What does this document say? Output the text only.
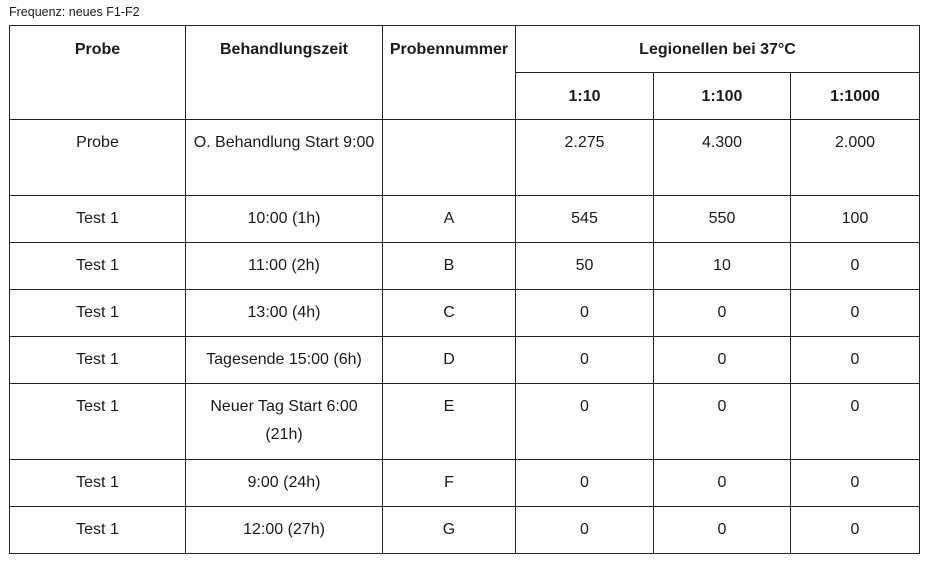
Frequenz: neues F1-F2
Probe	Behandlungszeit	Probennummer	Legionellen bei 37°C		
			1:10	1:100	1:1000
Probe	O. Behandlung Start 9:00		2.275	4.300	2.000
Test 1	10:00 (1h)	A	545	550	100
Test 1	11:00 (2h)	B	50	10	0
Test 1	13:00 (4h)	C	0	0	0
Test 1	Tagesende 15:00 (6h)	D	0	0	0
Test 1	Neuer Tag Start 6:00 (21h)	E	0	0	0
Test 1	9:00 (24h)	F	0	0	0
Test 1	12:00 (27h)	G	0	0	0
